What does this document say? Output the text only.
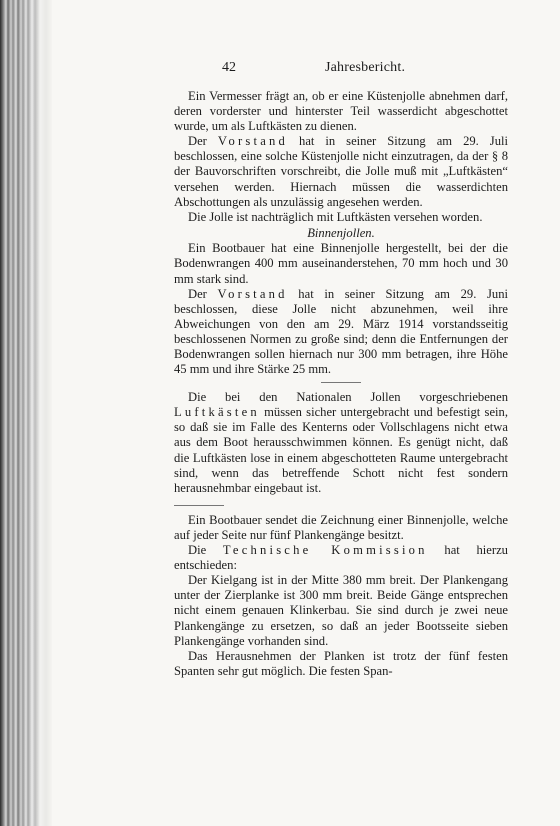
42	Jahresbericht.

Ein Vermesser frägt an, ob er eine Küstenjolle abnehmen darf, deren vorderster und hinterster Teil wasserdicht abgeschottet wurde, um als Luftkästen zu dienen.

Der Vorstand hat in seiner Sitzung am 29. Juli beschlossen, eine solche Küstenjolle nicht einzutragen, da der § 8 der Bauvorschriften vorschreibt, die Jolle muß mit „Luftkästen“ versehen werden. Hiernach müssen die wasserdichten Abschottungen als unzulässig angesehen werden.

Die Jolle ist nachträglich mit Luftkästen versehen worden.

Binnenjollen.

Ein Bootbauer hat eine Binnenjolle hergestellt, bei der die Bodenwrangen 400 mm auseinanderstehen, 70 mm hoch und 30 mm stark sind.

Der Vorstand hat in seiner Sitzung am 29. Juni beschlossen, diese Jolle nicht abzunehmen, weil ihre Abweichungen von den am 29. März 1914 vorstandsseitig beschlossenen Normen zu große sind; denn die Entfernungen der Bodenwrangen sollen hiernach nur 300 mm betragen, ihre Höhe 45 mm und ihre Stärke 25 mm.

Die bei den Nationalen Jollen vorgeschriebenen Luftkästen müssen sicher untergebracht und befestigt sein, so daß sie im Falle des Kenterns oder Vollschlagens nicht etwa aus dem Boot herausschwimmen können. Es genügt nicht, daß die Luftkästen lose in einem abgeschotteten Raume untergebracht sind, wenn das betreffende Schott nicht fest sondern herausnehmbar eingebaut ist.

Ein Bootbauer sendet die Zeichnung einer Binnenjolle, welche auf jeder Seite nur fünf Plankengänge besitzt.

Die Technische Kommission hat hierzu entschieden:

Der Kielgang ist in der Mitte 380 mm breit. Der Plankengang unter der Zierplanke ist 300 mm breit. Beide Gänge entsprechen nicht einem genauen Klinkerbau. Sie sind durch je zwei neue Plankengänge zu ersetzen, so daß an jeder Bootsseite sieben Plankengänge vorhanden sind.

Das Herausnehmen der Planken ist trotz der fünf festen Spanten sehr gut möglich. Die festen Span-
